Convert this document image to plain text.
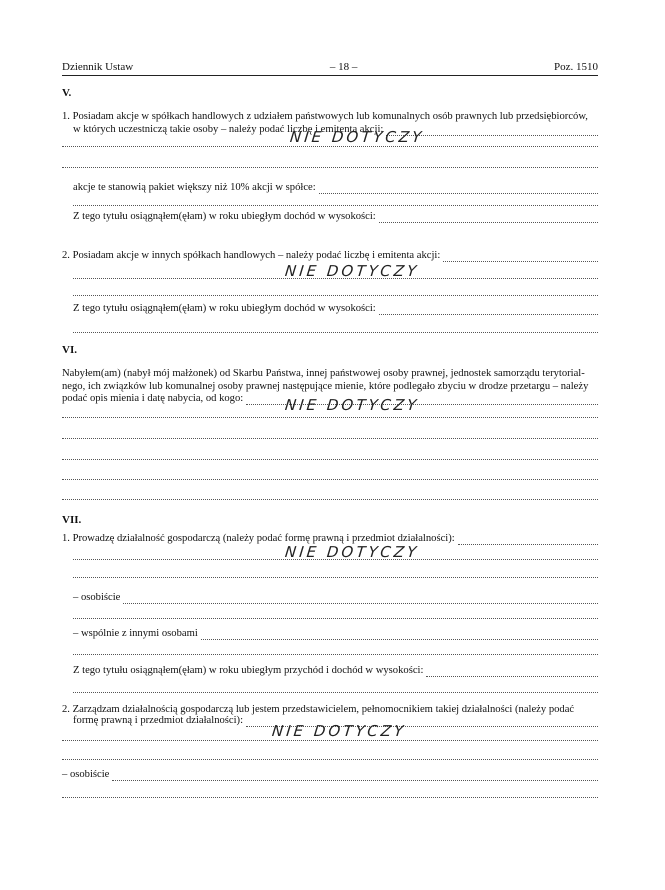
Dziennik Ustaw	– 18 –	Poz. 1510
V.
1. Posiadam akcje w spółkach handlowych z udziałem państwowych lub komunalnych osób prawnych lub przedsiębiorców,
w których uczestniczą takie osoby – należy podać liczbę i emitenta akcji:
NIE DOTYCZY
akcje te stanowią pakiet większy niż 10% akcji w spółce:
Z tego tytułu osiągnąłem(ęłam) w roku ubiegłym dochód w wysokości:
2. Posiadam akcje w innych spółkach handlowych – należy podać liczbę i emitenta akcji:
NIE DOTYCZY
Z tego tytułu osiągnąłem(ęłam) w roku ubiegłym dochód w wysokości:
VI.
Nabyłem(am) (nabył mój małżonek) od Skarbu Państwa, innej państwowej osoby prawnej, jednostek samorządu terytorial-
nego, ich związków lub komunalnej osoby prawnej następujące mienie, które podlegało zbyciu w drodze przetargu – należy
podać opis mienia i datę nabycia, od kogo:	NIE DOTYCZY
VII.
1. Prowadzę działalność gospodarczą (należy podać formę prawną i przedmiot działalności):
NIE DOTYCZY
– osobiście
– wspólnie z innymi osobami
Z tego tytułu osiągnąłem(ęłam) w roku ubiegłym przychód i dochód w wysokości:
2. Zarządzam działalnością gospodarczą lub jestem przedstawicielem, pełnomocnikiem takiej działalności (należy podać
formę prawną i przedmiot działalności):
NIE DOTYCZY
– osobiście
